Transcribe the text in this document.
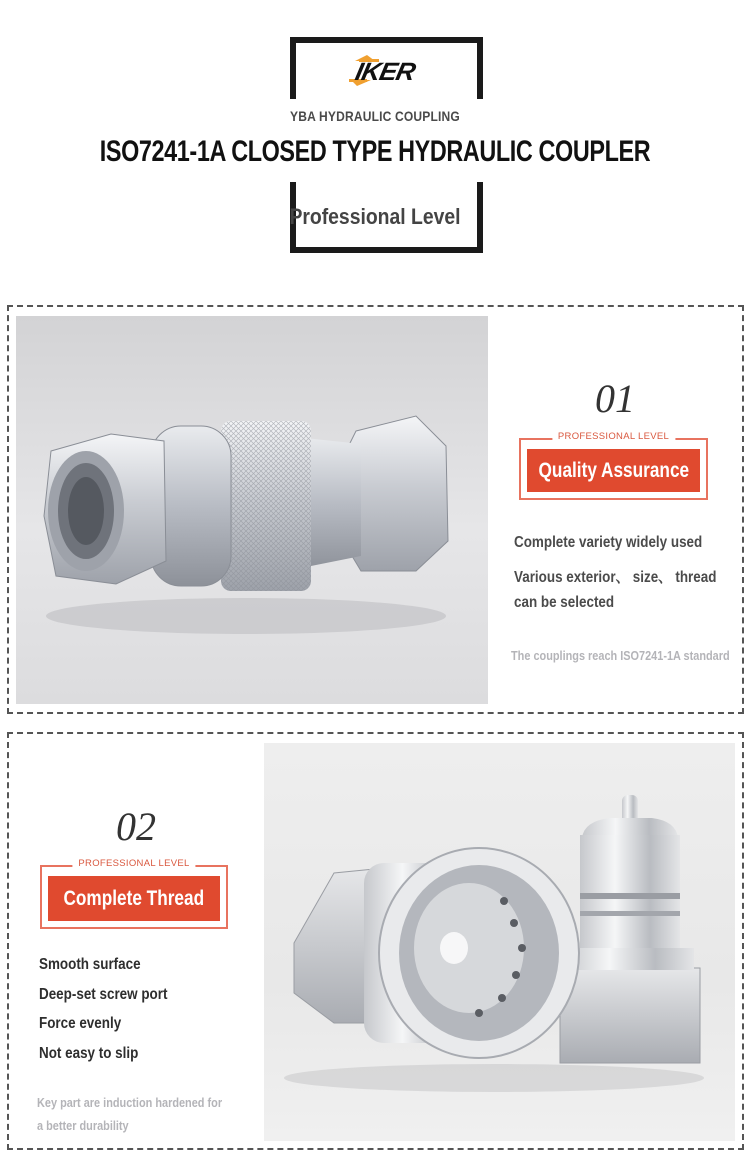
IKER
YBA HYDRAULIC COUPLING
ISO7241-1A CLOSED TYPE HYDRAULIC COUPLER
Professional Level
01
PROFESSIONAL LEVEL
Quality Assurance
Complete variety widely used
Various exterior、 size、 thread
can be selected
The couplings reach ISO7241-1A standard
02
PROFESSIONAL LEVEL
Complete Thread
Smooth surface
Deep-set screw port
Force evenly
Not easy to slip
Key part are induction hardened for
a better durability
